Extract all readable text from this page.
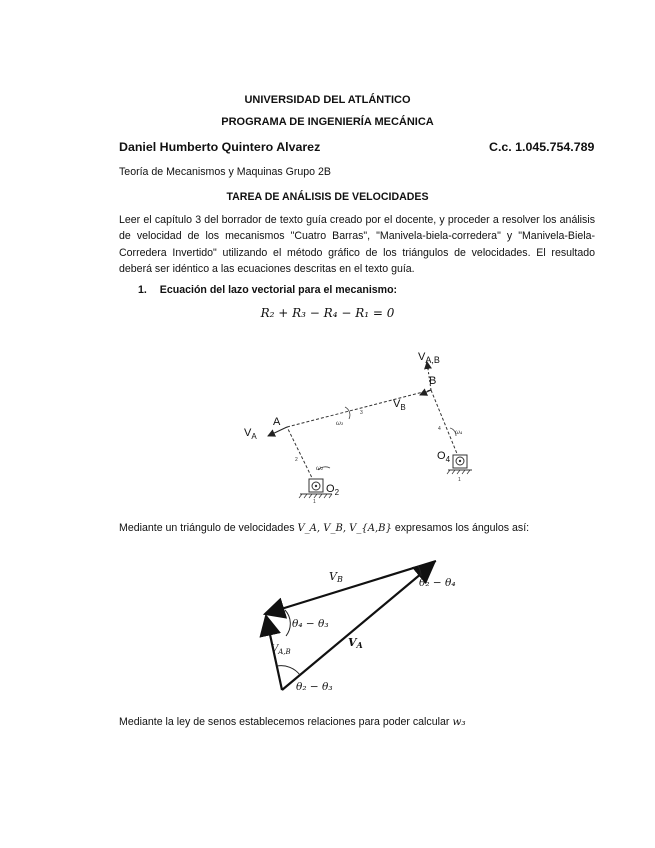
UNIVERSIDAD DEL ATLÁNTICO
PROGRAMA DE INGENIERÍA MECÁNICA
Daniel Humberto Quintero Alvarez	C.c. 1.045.754.789
Teoría de Mecanismos y Maquinas Grupo 2B
TAREA DE ANÁLISIS DE VELOCIDADES
Leer el capítulo 3 del borrador de texto guía creado por el docente, y proceder a resolver los análisis de velocidad de los mecanismos "Cuatro Barras", "Manivela-biela-corredera" y "Manivela-Biela-Corredera Invertido" utilizando el método gráfico de los triángulos de velocidades. El resultado deberá ser idéntico a las ecuaciones descritas en el texto guía.
1. Ecuación del lazo vectorial para el mecanismo:
R₂ + R₃ − R₄ − R₁ = 0
$V_A$
$V_{A,B}$
$V_B$
A
B
$O_2$
$O_4$
ω₂
ω₃
ω₄
2
3
4
1
1
VB
VA
$V_{A,B}$
θ₂ − θ₄
θ₄ − θ₃
θ₂ − θ₃
Mediante un triángulo de velocidades V_A, V_B, V_{A,B} expresamos los ángulos así:
Mediante la ley de senos establecemos relaciones para poder calcular w₃
